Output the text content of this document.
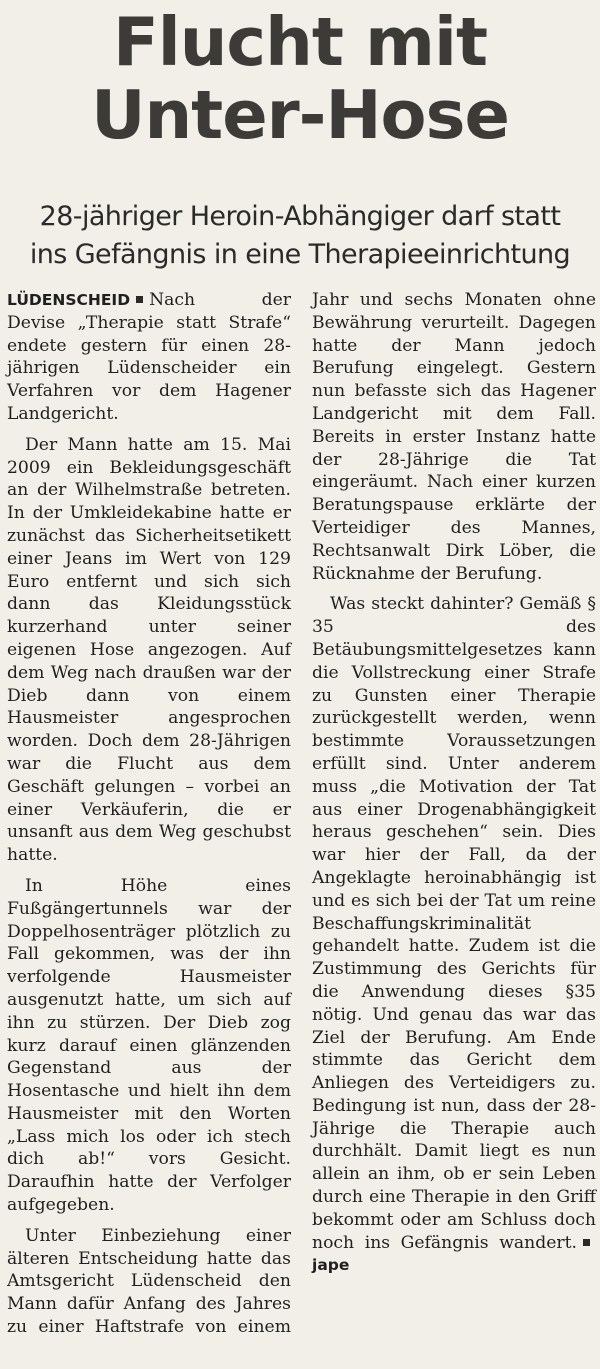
Flucht mit
Unter-Hose
28-jähriger Heroin-Abhängiger darf statt
ins Gefängnis in eine Therapieeinrichtung

LÜDENSCHEID Nach der Devise „Therapie statt Strafe“ endete gestern für einen 28-jährigen Lüdenscheider ein Verfahren vor dem Hagener Landgericht.

Der Mann hatte am 15. Mai 2009 ein Bekleidungsgeschäft an der Wilhelmstraße betreten. In der Umkleidekabine hatte er zunächst das Sicherheitsetikett einer Jeans im Wert von 129 Euro entfernt und sich sich dann das Kleidungsstück kurzerhand unter seiner eigenen Hose angezogen. Auf dem Weg nach draußen war der Dieb dann von einem Hausmeister angesprochen worden. Doch dem 28-Jährigen war die Flucht aus dem Geschäft gelungen – vorbei an einer Verkäuferin, die er unsanft aus dem Weg geschubst hatte.

In Höhe eines Fußgängertunnels war der Doppelhosenträger plötzlich zu Fall gekommen, was der ihn verfolgende Hausmeister ausgenutzt hatte, um sich auf ihn zu stürzen. Der Dieb zog kurz darauf einen glänzenden Gegenstand aus der Hosentasche und hielt ihn dem Hausmeister mit den Worten „Lass mich los oder ich stech dich ab!“ vors Gesicht. Daraufhin hatte der Verfolger aufgegeben.

Unter Einbeziehung einer älteren Entscheidung hatte das Amtsgericht Lüdenscheid den Mann dafür Anfang des Jahres zu einer Haftstrafe von einem

Jahr und sechs Monaten ohne Bewährung verurteilt. Dagegen hatte der Mann jedoch Berufung eingelegt. Gestern nun befasste sich das Hagener Landgericht mit dem Fall. Bereits in erster Instanz hatte der 28-Jährige die Tat eingeräumt. Nach einer kurzen Beratungspause erklärte der Verteidiger des Mannes, Rechtsanwalt Dirk Löber, die Rücknahme der Berufung.

Was steckt dahinter? Gemäß § 35 des Betäubungsmittelgesetzes kann die Vollstreckung einer Strafe zu Gunsten einer Therapie zurückgestellt werden, wenn bestimmte Voraussetzungen erfüllt sind. Unter anderem muss „die Motivation der Tat aus einer Drogenabhängigkeit heraus geschehen“ sein. Dies war hier der Fall, da der Angeklagte heroinabhängig ist und es sich bei der Tat um reine Beschaffungskriminalität gehandelt hatte. Zudem ist die Zustimmung des Gerichts für die Anwendung dieses §35 nötig. Und genau das war das Ziel der Berufung. Am Ende stimmte das Gericht dem Anliegen des Verteidigers zu. Bedingung ist nun, dass der 28-Jährige die Therapie auch durchhält. Damit liegt es nun allein an ihm, ob er sein Leben durch eine Therapie in den Griff bekommt oder am Schluss doch noch ins Gefängnis wandert.jape
